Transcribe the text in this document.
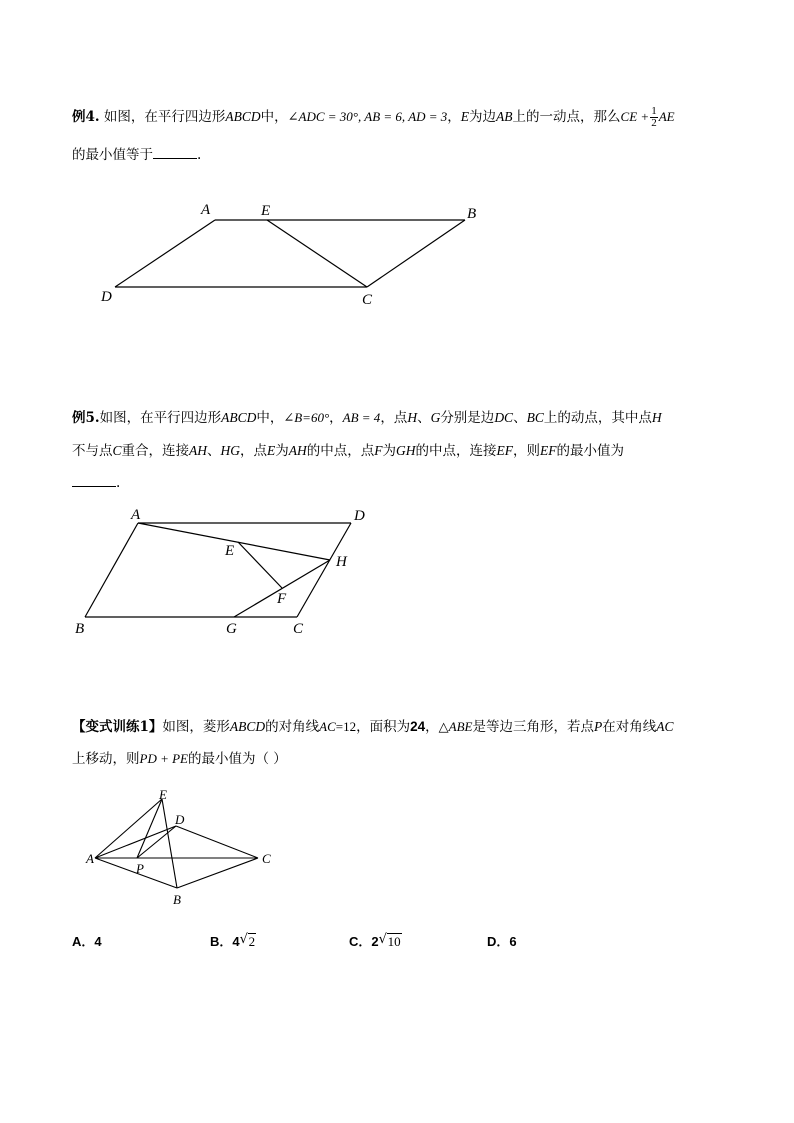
例4. 如图，在平行四边形ABCD中，∠ADC = 30°, AB = 6, AD = 3，E为边AB上的一动点，那么CE + $\frac{1}{2}$ AE
的最小值等于	.
A	E	B
D	C
例5.如图，在平行四边形ABCD中，∠B=60°，AB = 4，点H、G分别是边DC、BC上的动点，其中点H
不与点C重合，连接AH、HG，点E为AH的中点，点F为GH的中点，连接EF，则EF的最小值为
.
A	D
E
H
F
B	G	C
【变式训练1】如图，菱形ABCD的对角线AC=12，面积为24，△ABE是等边三角形，若点P在对角线AC
上移动，则PD + PE的最小值为（ ）
E
D
A
P
C
B
A．4	B．4 √ 2	C．2 √ 10	D．6
